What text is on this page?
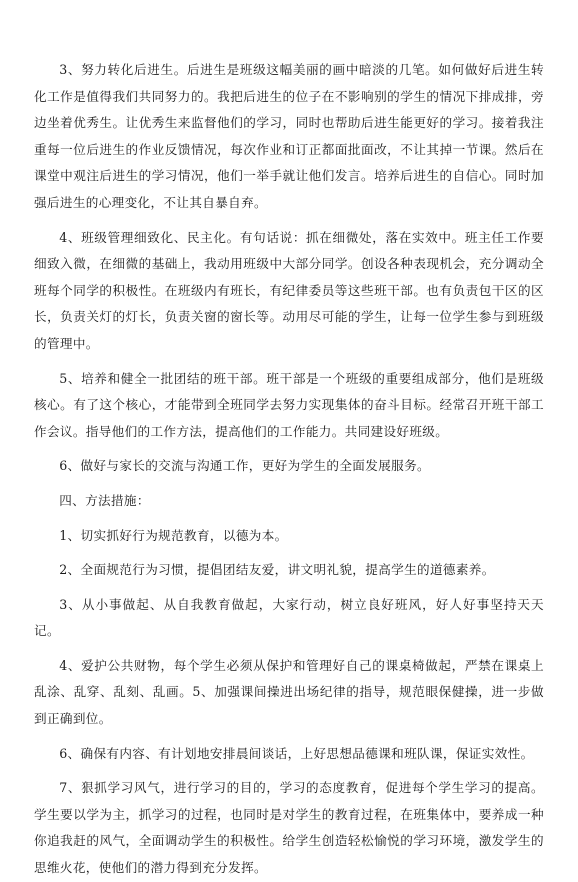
3、努力转化后进生。后进生是班级这幅美丽的画中暗淡的几笔。如何做好后进生转化工作是值得我们共同努力的。我把后进生的位子在不影响别的学生的情况下排成排，旁边坐着优秀生。让优秀生来监督他们的学习，同时也帮助后进生能更好的学习。接着我注重每一位后进生的作业反馈情况，每次作业和订正都面批面改，不让其掉一节课。然后在课堂中观注后进生的学习情况，他们一举手就让他们发言。培养后进生的自信心。同时加强后进生的心理变化，不让其自暴自弃。

4、班级管理细致化、民主化。有句话说：抓在细微处，落在实效中。班主任工作要细致入微，在细微的基础上，我动用班级中大部分同学。创设各种表现机会，充分调动全班每个同学的积极性。在班级内有班长，有纪律委员等这些班干部。也有负责包干区的区长，负责关灯的灯长，负责关窗的窗长等。动用尽可能的学生，让每一位学生参与到班级的管理中。

5、培养和健全一批团结的班干部。班干部是一个班级的重要组成部分，他们是班级核心。有了这个核心，才能带到全班同学去努力实现集体的奋斗目标。经常召开班干部工作会议。指导他们的工作方法，提高他们的工作能力。共同建设好班级。

6、做好与家长的交流与沟通工作，更好为学生的全面发展服务。

四、方法措施：

1、切实抓好行为规范教育，以德为本。

2、全面规范行为习惯，提倡团结友爱，讲文明礼貌，提高学生的道德素养。

3、从小事做起、从自我教育做起，大家行动，树立良好班风，好人好事坚持天天记。

4、爱护公共财物，每个学生必须从保护和管理好自己的课桌椅做起，严禁在课桌上乱涂、乱穿、乱刻、乱画。5、加强课间操进出场纪律的指导，规范眼保健操，进一步做到正确到位。

6、确保有内容、有计划地安排晨间谈话，上好思想品德课和班队课，保证实效性。

7、狠抓学习风气，进行学习的目的，学习的态度教育，促进每个学生学习的提高。学生要以学为主，抓学习的过程，也同时是对学生的教育过程，在班集体中，要养成一种你追我赶的风气，全面调动学生的积极性。给学生创造轻松愉悦的学习环境，激发学生的思维火花，使他们的潜力得到充分发挥。
